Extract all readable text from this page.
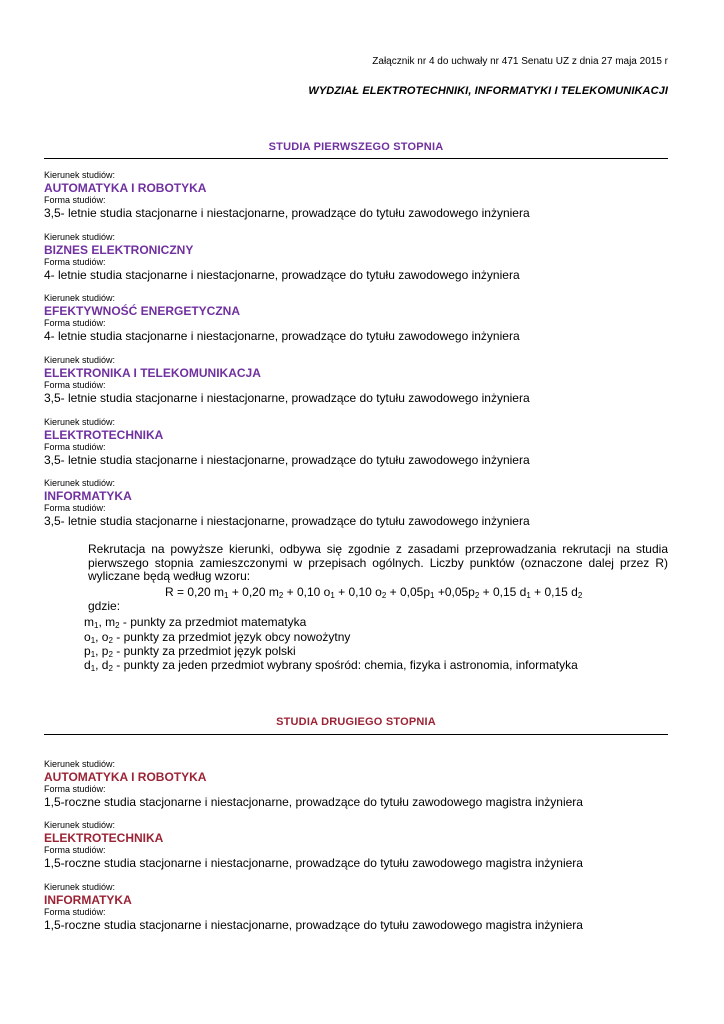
Załącznik nr 4 do uchwały nr 471 Senatu UZ z dnia 27 maja 2015 r
WYDZIAŁ ELEKTROTECHNIKI, INFORMATYKI I TELEKOMUNIKACJI
STUDIA PIERWSZEGO STOPNIA
Kierunek studiów:
AUTOMATYKA I ROBOTYKA
Forma studiów:
3,5- letnie studia stacjonarne i niestacjonarne, prowadzące do tytułu zawodowego inżyniera
Kierunek studiów:
BIZNES ELEKTRONICZNY
Forma studiów:
4- letnie studia stacjonarne i niestacjonarne, prowadzące do tytułu zawodowego inżyniera
Kierunek studiów:
EFEKTYWNOŚĆ ENERGETYCZNA
Forma studiów:
4- letnie studia stacjonarne i niestacjonarne, prowadzące do tytułu zawodowego inżyniera
Kierunek studiów:
ELEKTRONIKA I TELEKOMUNIKACJA
Forma studiów:
3,5- letnie studia stacjonarne i niestacjonarne, prowadzące do tytułu zawodowego inżyniera
Kierunek studiów:
ELEKTROTECHNIKA
Forma studiów:
3,5- letnie studia stacjonarne i niestacjonarne, prowadzące do tytułu zawodowego inżyniera
Kierunek studiów:
INFORMATYKA
Forma studiów:
3,5- letnie studia stacjonarne i niestacjonarne, prowadzące do tytułu zawodowego inżyniera
Rekrutacja na powyższe kierunki, odbywa się zgodnie z zasadami przeprowadzania rekrutacji na studia pierwszego stopnia zamieszczonymi w przepisach ogólnych. Liczby punktów (oznaczone dalej przez R) wyliczane będą według wzoru:
R = 0,20 $m_1 + 0,20$ $m_2 + 0,10$ $o_1 + 0,10$ $o_2 + 0,05p_1 +0,05p_2 + 0,15$ $d_1 + 0,15$ $d_2$
gdzie:
$m_1$, $m_2$ - punkty za przedmiot matematyka
$o_1$, $o_2$ - punkty za przedmiot język obcy nowożytny
$p_1$, $p_2$ - punkty za przedmiot język polski
$d_1$, $d_2$ - punkty za jeden przedmiot wybrany spośród: chemia, fizyka i astronomia, informatyka
STUDIA DRUGIEGO STOPNIA
Kierunek studiów:
AUTOMATYKA I ROBOTYKA
Forma studiów:
1,5-roczne studia stacjonarne i niestacjonarne, prowadzące do tytułu zawodowego magistra inżyniera
Kierunek studiów:
ELEKTROTECHNIKA
Forma studiów:
1,5-roczne studia stacjonarne i niestacjonarne, prowadzące do tytułu zawodowego magistra inżyniera
Kierunek studiów:
INFORMATYKA
Forma studiów:
1,5-roczne studia stacjonarne i niestacjonarne, prowadzące do tytułu zawodowego magistra inżyniera
